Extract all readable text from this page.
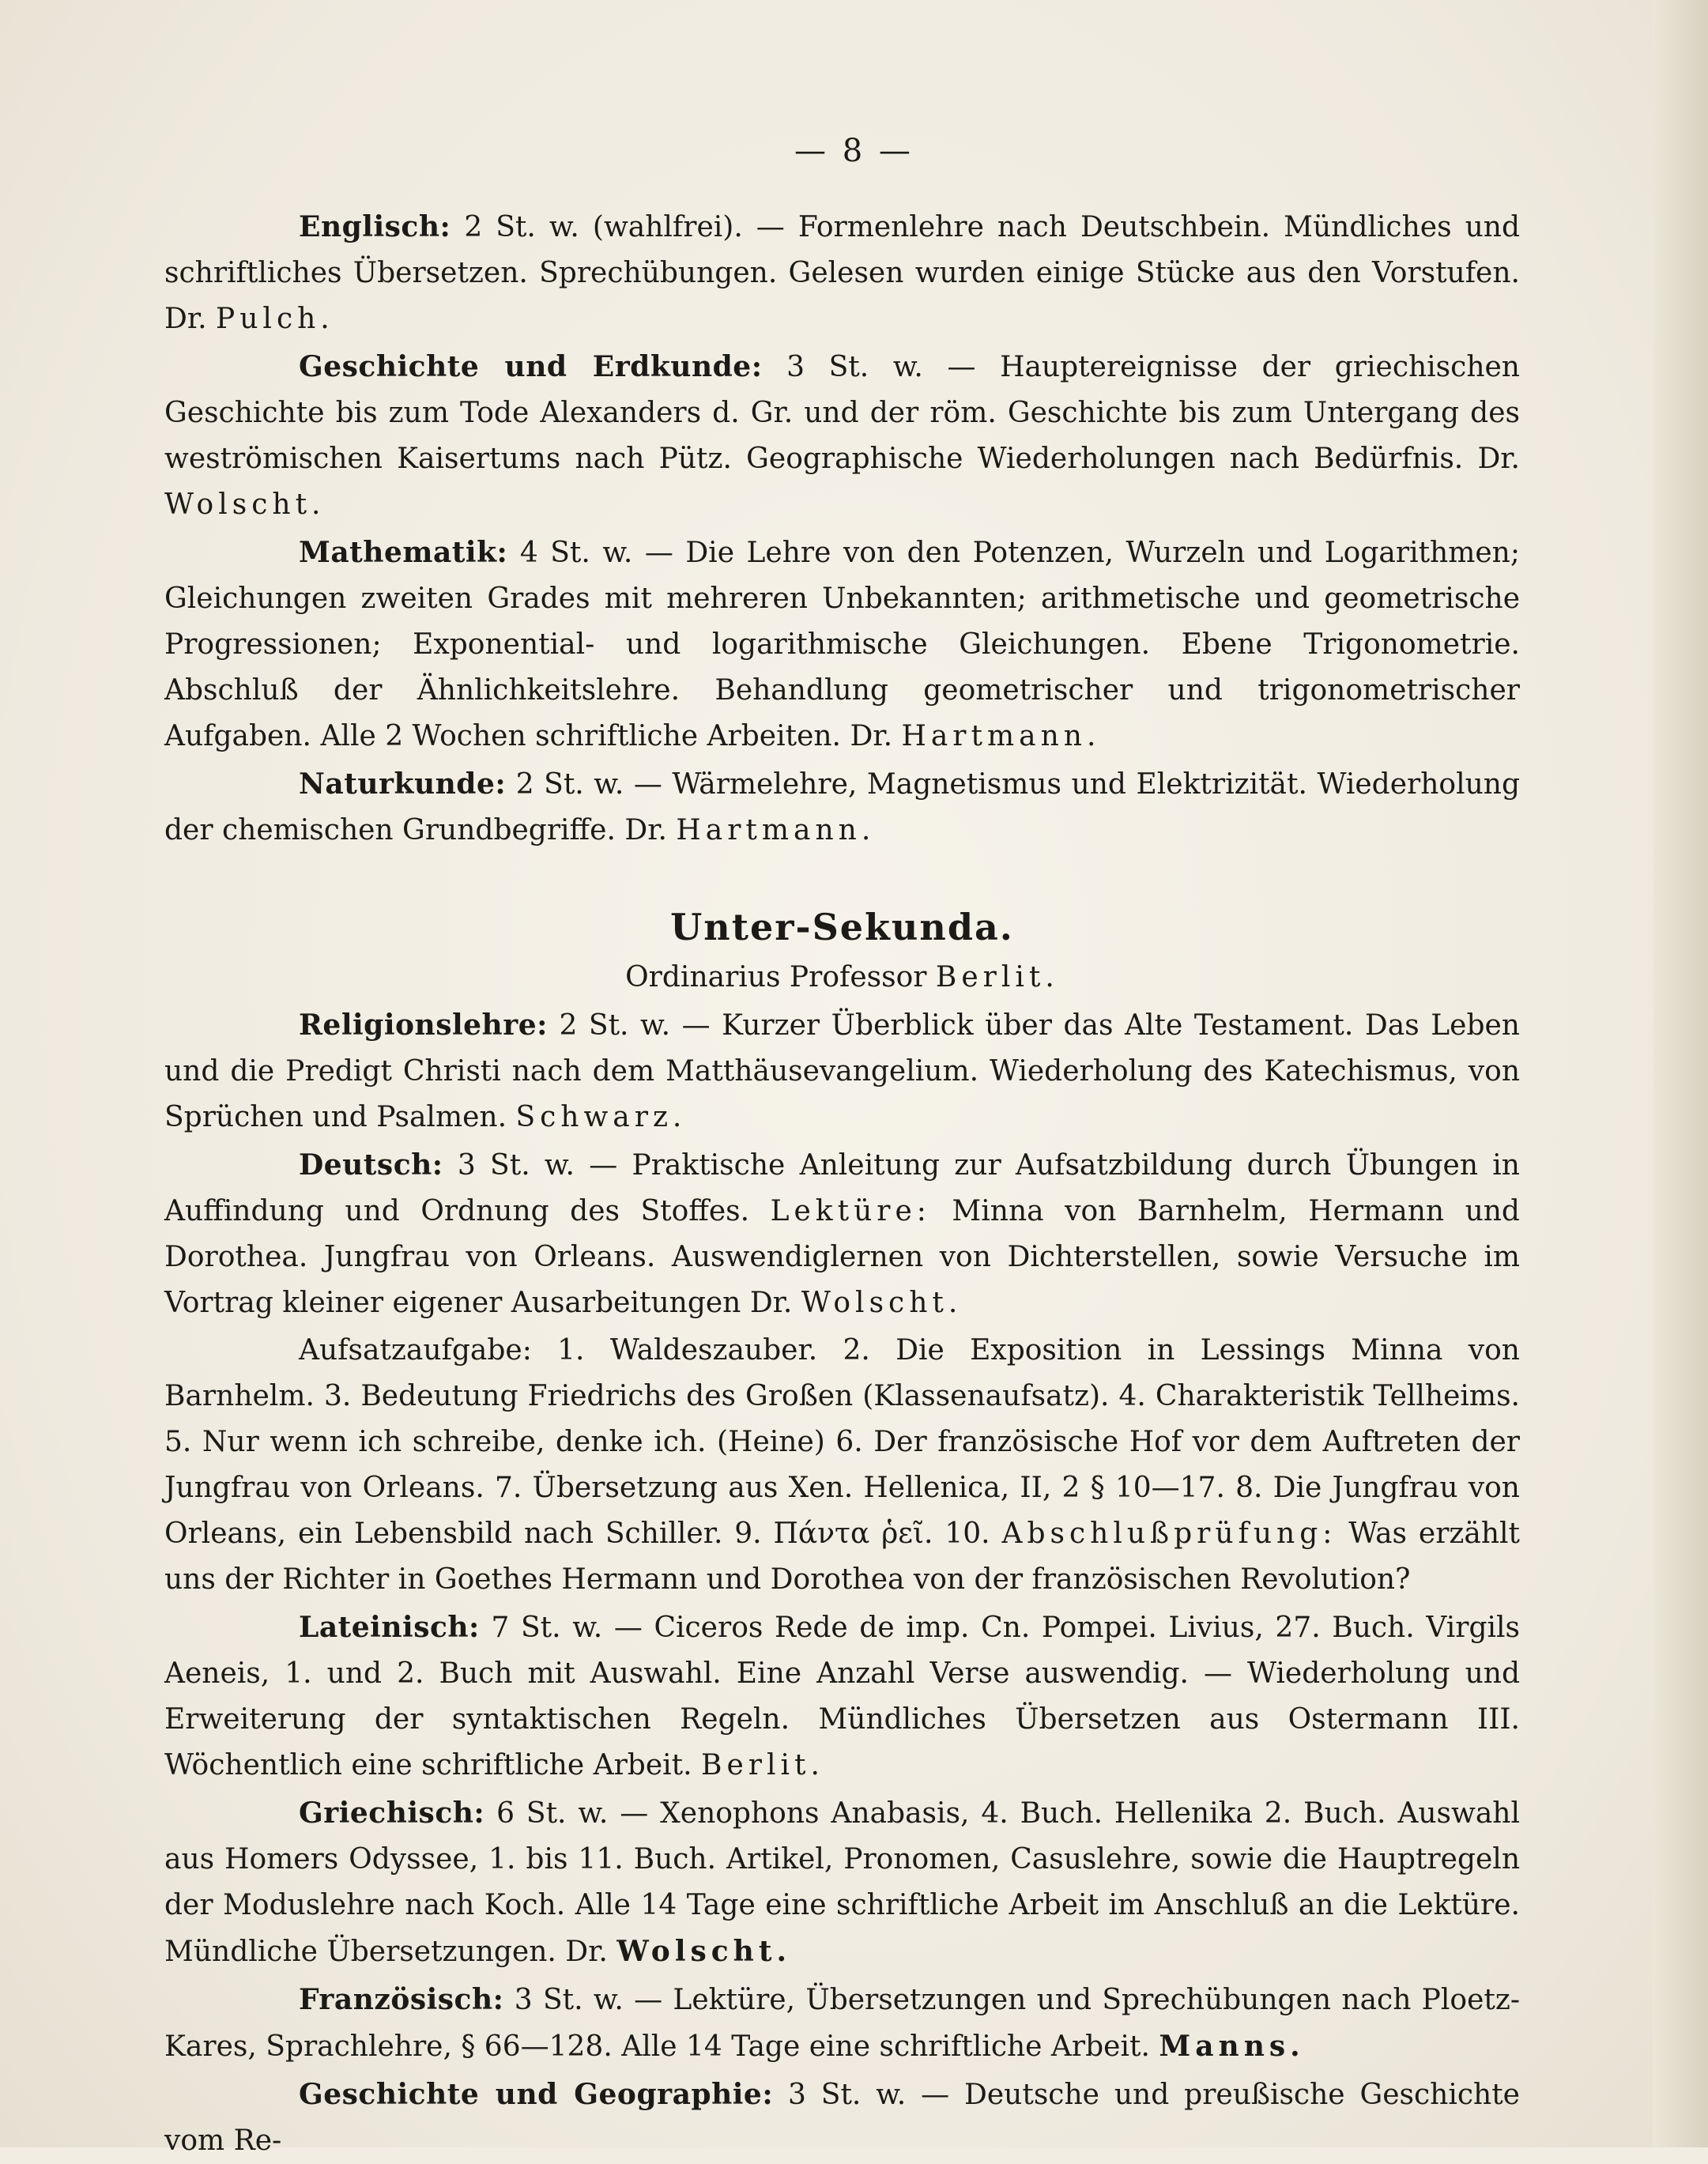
— 8 —

Englisch: 2 St. w. (wahlfrei). — Formenlehre nach Deutschbein. Mündliches und schriftliches Übersetzen. Sprechübungen. Gelesen wurden einige Stücke aus den Vorstufen. Dr. Pulch.

Geschichte und Erdkunde: 3 St. w. — Hauptereignisse der griechischen Geschichte bis zum Tode Alexanders d. Gr. und der röm. Geschichte bis zum Untergang des weströmischen Kaisertums nach Pütz. Geographische Wiederholungen nach Bedürfnis. Dr. Wolscht.

Mathematik: 4 St. w. — Die Lehre von den Potenzen, Wurzeln und Logarithmen; Gleichungen zweiten Grades mit mehreren Unbekannten; arithmetische und geometrische Progressionen; Exponential- und logarithmische Gleichungen. Ebene Trigonometrie. Abschluß der Ähnlichkeitslehre. Behandlung geometrischer und trigonometrischer Aufgaben. Alle 2 Wochen schriftliche Arbeiten. Dr. Hartmann.

Naturkunde: 2 St. w. — Wärmelehre, Magnetismus und Elektrizität. Wiederholung der chemischen Grundbegriffe. Dr. Hartmann.

Unter-Sekunda.
Ordinarius Professor Berlit.

Religionslehre: 2 St. w. — Kurzer Überblick über das Alte Testament. Das Leben und die Predigt Christi nach dem Matthäusevangelium. Wiederholung des Katechismus, von Sprüchen und Psalmen. Schwarz.

Deutsch: 3 St. w. — Praktische Anleitung zur Aufsatzbildung durch Übungen in Auffindung und Ordnung des Stoffes. Lektüre: Minna von Barnhelm, Hermann und Dorothea. Jungfrau von Orleans. Auswendiglernen von Dichterstellen, sowie Versuche im Vortrag kleiner eigener Ausarbeitungen Dr. Wolscht.

Aufsatzaufgabe: 1. Waldeszauber. 2. Die Exposition in Lessings Minna von Barnhelm. 3. Bedeutung Friedrichs des Großen (Klassenaufsatz). 4. Charakteristik Tellheims. 5. Nur wenn ich schreibe, denke ich. (Heine) 6. Der französische Hof vor dem Auftreten der Jungfrau von Orleans. 7. Übersetzung aus Xen. Hellenica, II, 2 § 10—17. 8. Die Jungfrau von Orleans, ein Lebensbild nach Schiller. 9. Πάντα ῥεῖ. 10. Abschlußprüfung: Was erzählt uns der Richter in Goethes Hermann und Dorothea von der französischen Revolution?

Lateinisch: 7 St. w. — Ciceros Rede de imp. Cn. Pompei. Livius, 27. Buch. Virgils Aeneis, 1. und 2. Buch mit Auswahl. Eine Anzahl Verse auswendig. — Wiederholung und Erweiterung der syntaktischen Regeln. Mündliches Übersetzen aus Ostermann III. Wöchentlich eine schriftliche Arbeit. Berlit.

Griechisch: 6 St. w. — Xenophons Anabasis, 4. Buch. Hellenika 2. Buch. Auswahl aus Homers Odyssee, 1. bis 11. Buch. Artikel, Pronomen, Casuslehre, sowie die Hauptregeln der Moduslehre nach Koch. Alle 14 Tage eine schriftliche Arbeit im Anschluß an die Lektüre. Mündliche Übersetzungen. Dr. Wolscht.

Französisch: 3 St. w. — Lektüre, Übersetzungen und Sprechübungen nach Ploetz-Kares, Sprachlehre, § 66—128. Alle 14 Tage eine schriftliche Arbeit. Manns.

Geschichte und Geographie: 3 St. w. — Deutsche und preußische Geschichte vom Re-
